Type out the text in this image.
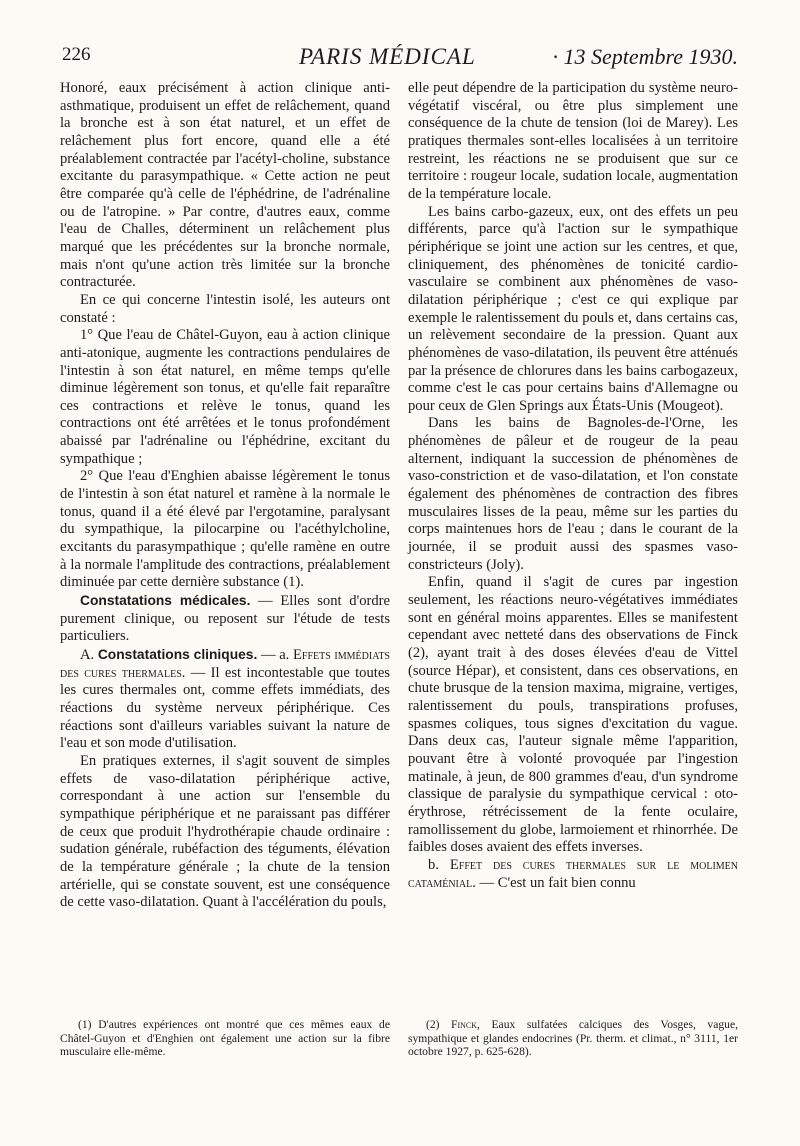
226	PARIS MÉDICAL	· 13 Septembre 1930.

Honoré, eaux précisément à action clinique anti-asthmatique, produisent un effet de relâchement, quand la bronche est à son état naturel, et un effet de relâchement plus fort encore, quand elle a été préalablement contractée par l'acétyl-choline, substance excitante du parasympathique. « Cette action ne peut être comparée qu'à celle de l'éphédrine, de l'adrénaline ou de l'atropine. » Par contre, d'autres eaux, comme l'eau de Challes, déterminent un relâchement plus marqué que les précédentes sur la bronche normale, mais n'ont qu'une action très limitée sur la bronche contracturée.

En ce qui concerne l'intestin isolé, les auteurs ont constaté :

1° Que l'eau de Châtel-Guyon, eau à action clinique anti-atonique, augmente les contractions pendulaires de l'intestin à son état naturel, en même temps qu'elle diminue légèrement son tonus, et qu'elle fait reparaître ces contractions et relève le tonus, quand les contractions ont été arrêtées et le tonus profondément abaissé par l'adrénaline ou l'éphédrine, excitant du sympathique ;

2° Que l'eau d'Enghien abaisse légèrement le tonus de l'intestin à son état naturel et ramène à la normale le tonus, quand il a été élevé par l'ergotamine, paralysant du sympathique, la pilocarpine ou l'acéthylcholine, excitants du parasympathique ; qu'elle ramène en outre à la normale l'amplitude des contractions, préalablement diminuée par cette dernière substance (1).

Constatations médicales. — Elles sont d'ordre purement clinique, ou reposent sur l'étude de tests particuliers.

A. Constatations cliniques. — a. Effets immédiats des cures thermales. — Il est incontestable que toutes les cures thermales ont, comme effets immédiats, des réactions du système nerveux périphérique. Ces réactions sont d'ailleurs variables suivant la nature de l'eau et son mode d'utilisation.

En pratiques externes, il s'agit souvent de simples effets de vaso-dilatation périphérique active, correspondant à une action sur l'ensemble du sympathique périphérique et ne paraissant pas différer de ceux que produit l'hydrothérapie chaude ordinaire : sudation générale, rubéfaction des téguments, élévation de la température générale ; la chute de la tension artérielle, qui se constate souvent, est une conséquence de cette vaso-dilatation. Quant à l'accélération du pouls,

elle peut dépendre de la participation du système neuro-végétatif viscéral, ou être plus simplement une conséquence de la chute de tension (loi de Marey). Les pratiques thermales sont-elles localisées à un territoire restreint, les réactions ne se produisent que sur ce territoire : rougeur locale, sudation locale, augmentation de la température locale.

Les bains carbo-gazeux, eux, ont des effets un peu différents, parce qu'à l'action sur le sympathique périphérique se joint une action sur les centres, et que, cliniquement, des phénomènes de tonicité cardio-vasculaire se combinent aux phénomènes de vaso-dilatation périphérique ; c'est ce qui explique par exemple le ralentissement du pouls et, dans certains cas, un relèvement secondaire de la pression. Quant aux phénomènes de vaso-dilatation, ils peuvent être atténués par la présence de chlorures dans les bains carbogazeux, comme c'est le cas pour certains bains d'Allemagne ou pour ceux de Glen Springs aux États-Unis (Mougeot).

Dans les bains de Bagnoles-de-l'Orne, les phénomènes de pâleur et de rougeur de la peau alternent, indiquant la succession de phénomènes de vaso-constriction et de vaso-dilatation, et l'on constate également des phénomènes de contraction des fibres musculaires lisses de la peau, même sur les parties du corps maintenues hors de l'eau ; dans le courant de la journée, il se produit aussi des spasmes vaso-constricteurs (Joly).

Enfin, quand il s'agit de cures par ingestion seulement, les réactions neuro-végétatives immédiates sont en général moins apparentes. Elles se manifestent cependant avec netteté dans des observations de Finck (2), ayant trait à des doses élevées d'eau de Vittel (source Hépar), et consistent, dans ces observations, en chute brusque de la tension maxima, migraine, vertiges, ralentissement du pouls, transpirations profuses, spasmes coliques, tous signes d'excitation du vague. Dans deux cas, l'auteur signale même l'apparition, pouvant être à volonté provoquée par l'ingestion matinale, à jeun, de 800 grammes d'eau, d'un syndrome classique de paralysie du sympathique cervical : oto-érythrose, rétrécissement de la fente oculaire, ramollissement du globe, larmoiement et rhinorrhée. De faibles doses avaient des effets inverses.

b. Effet des cures thermales sur le molimen cataménial. — C'est un fait bien connu

(1) D'autres expériences ont montré que ces mêmes eaux de Châtel-Guyon et d'Enghien ont également une action sur la fibre musculaire elle-même.

(2) Finck, Eaux sulfatées calciques des Vosges, vague, sympathique et glandes endocrines (Pr. therm. et climat., n° 3111, 1er octobre 1927, p. 625-628).
